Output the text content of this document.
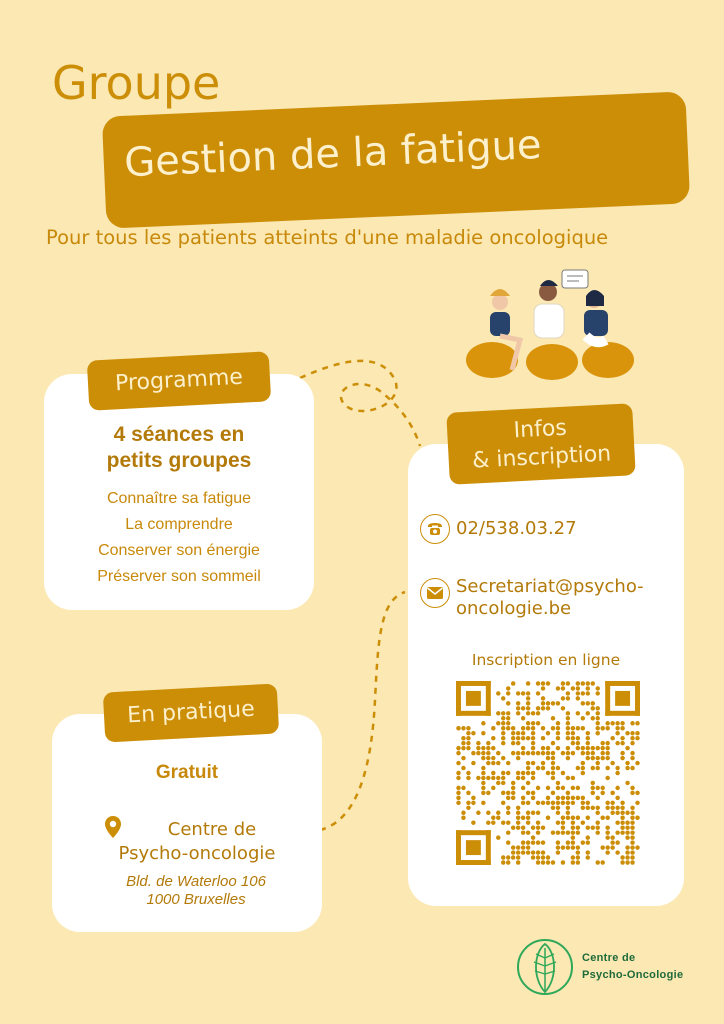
Groupe
Gestion de la fatigue
Pour tous les patients atteints d'une maladie oncologique
Programme
4 séances en
petits groupes
Connaître sa fatigue
La comprendre
Conserver son énergie
Préserver son sommeil
En pratique
Gratuit
Centre de
Psycho-oncologie
Bld. de Waterloo 106
1000 Bruxelles
Infos
& inscription
02/538.03.27
Secretariat@psycho-
oncologie.be
Inscription en ligne
Centre de
Psycho-Oncologie
